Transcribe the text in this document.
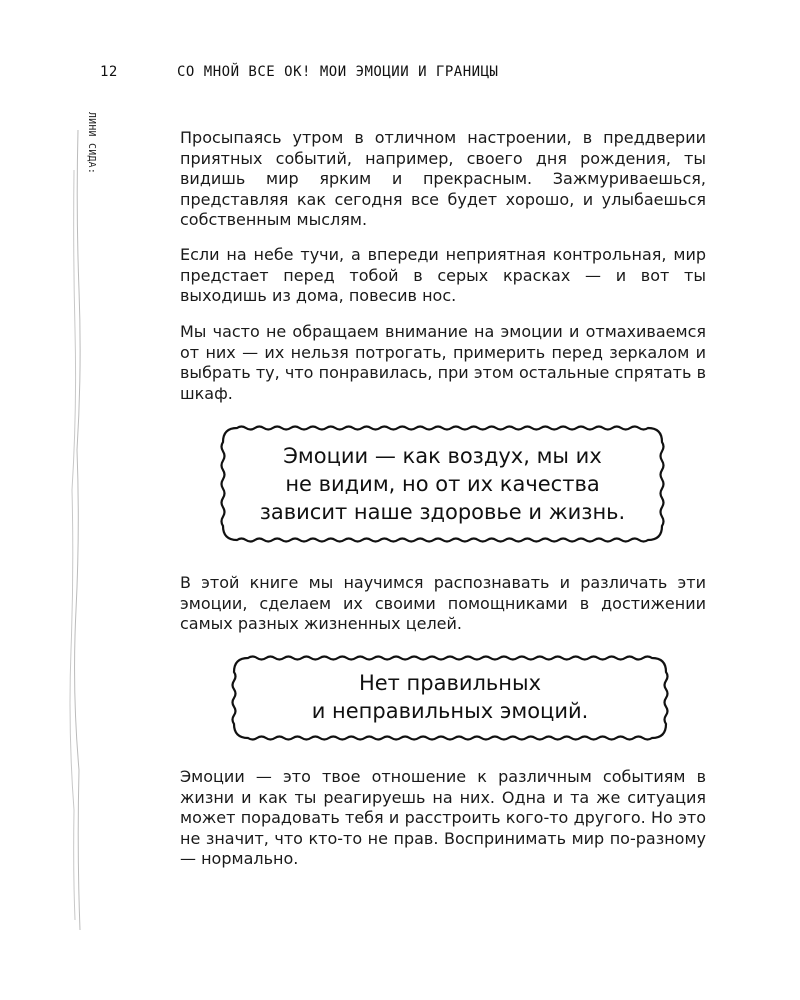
12	СО МНОЙ ВСЕ ОК! МОИ ЭМОЦИИ И ГРАНИЦЫ
ЛИНИ СИДА:	Просыпаясь утром в отличном настроении, в преддверии приятных событий, например, своего дня рождения, ты видишь мир ярким и прекрасным. Зажмуриваешься, представляя как сегодня все будет хорошо, и улыбаешься собственным мыслям.

Если на небе тучи, а впереди неприятная контрольная, мир предстает перед тобой в серых красках — и вот ты выходишь из дома, повесив нос.

Мы часто не обращаем внимание на эмоции и отмахиваемся от них — их нельзя потрогать, примерить перед зеркалом и выбрать ту, что понравилась, при этом остальные спрятать в шкаф.

Эмоции — как воздух, мы их
не видим, но от их качества
зависит наше здоровье и жизнь.

В этой книге мы научимся распознавать и различать эти эмоции, сделаем их своими помощниками в достижении самых разных жизненных целей.

Нет правильных
и неправильных эмоций.

Эмоции — это твое отношение к различным событиям в жизни и как ты реагируешь на них. Одна и та же ситуация может порадовать тебя и расстроить кого-то другого. Но это не значит, что кто-то не прав. Воспринимать мир по-разному — нормально.
